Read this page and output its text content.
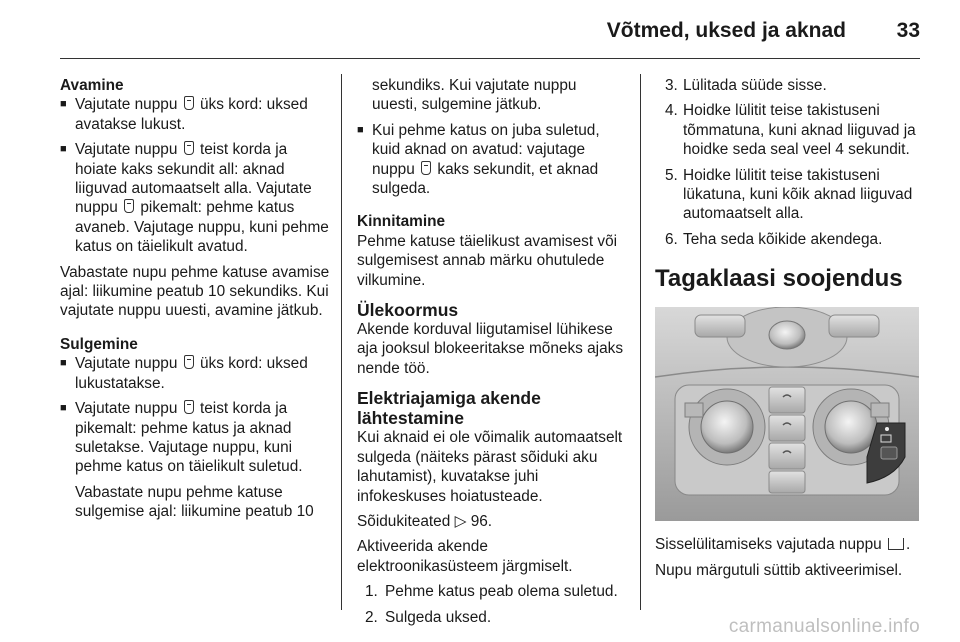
Võtmed, uksed ja aknad 33
Avamine
■ Vajutate nuppu üks kord: uksed avatakse lukust.
■ Vajutate nuppu teist korda ja hoiate kaks sekundit all: aknad liiguvad automaatselt alla. Vajutate nuppu pikemalt: pehme katus avaneb. Vajutage nuppu, kuni pehme katus on täielikult avatud.

Vabastate nupu pehme katuse avamise ajal: liikumine peatub 10 sekundiks. Kui vajutate nuppu uuesti, avamine jätkub.

Sulgemine
■ Vajutate nuppu üks kord: uksed lukustatakse.
■ Vajutate nuppu teist korda ja pikemalt: pehme katus ja aknad suletakse. Vajutage nuppu, kuni pehme katus on täielikult suletud.

Vabastate nupu pehme katuse sulgemise ajal: liikumine peatub 10

sekundiks. Kui vajutate nuppu uuesti, sulgemine jätkub.

■ Kui pehme katus on juba suletud, kuid aknad on avatud: vajutage nuppu kaks sekundit, et aknad sulgeda.
Kinnitamine

Pehme katuse täielikust avamisest või sulgemisest annab märku ohutulede vilkumine.

Ülekoormus

Akende korduval liigutamisel lühikese aja jooksul blokeeritakse mõneks ajaks nende töö.

Elektriajamiga akende lähtestamine

Kui aknaid ei ole võimalik automaatselt sulgeda (näiteks pärast sõiduki aku lahutamist), kuvatakse juhi infokeskuses hoiatusteade.

Sõidukiteated ▷ 96.

Aktiveerida akende elektroonikasüsteem järgmiselt.

1. Pehme katus peab olema suletud.
2. Sulgeda uksed.
3. Lülitada süüde sisse.
4. Hoidke lülitit teise takistuseni tõmmatuna, kuni aknad liiguvad ja hoidke seda seal veel 4 sekundit.
5. Hoidke lülitit teise takistuseni lükatuna, kuni kõik aknad liiguvad automaatselt alla.
6. Teha seda kõikide akendega.
Tagaklaasi soojendus

Sisselülitamiseks vajutada nuppu .

Nupu märgutuli süttib aktiveerimisel.

carmanualsonline.info
